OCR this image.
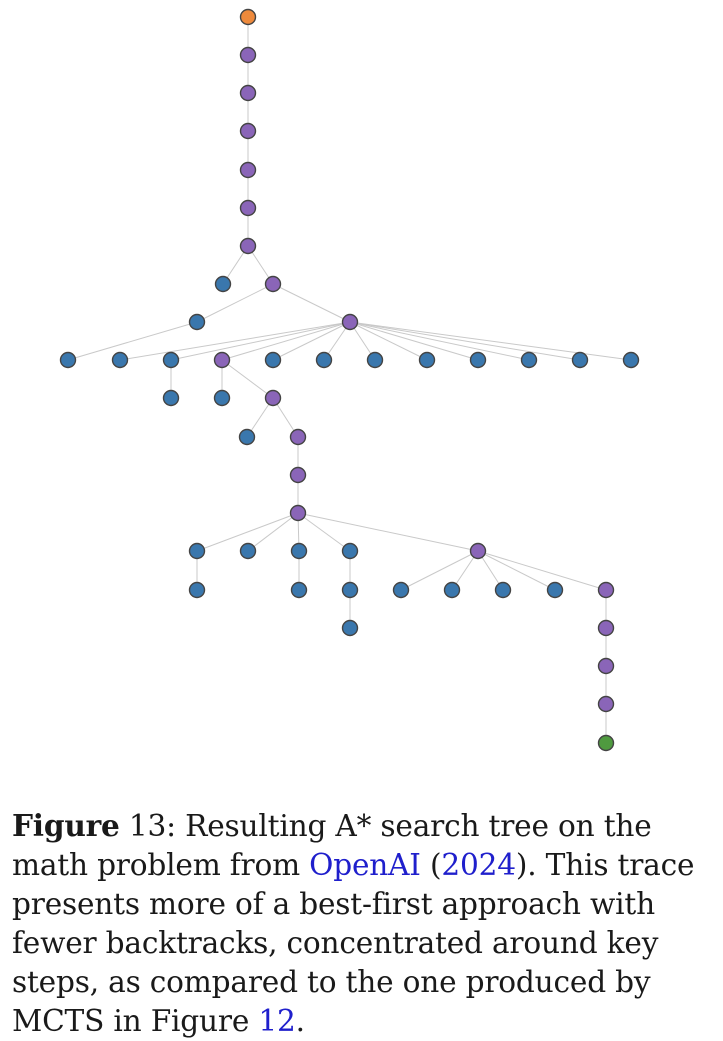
Figure 13: Resulting A* search tree on the math problem from OpenAI (2024). This trace presents more of a best-first approach with fewer backtracks, concentrated around key steps, as compared to the one produced by MCTS in Figure 12.
